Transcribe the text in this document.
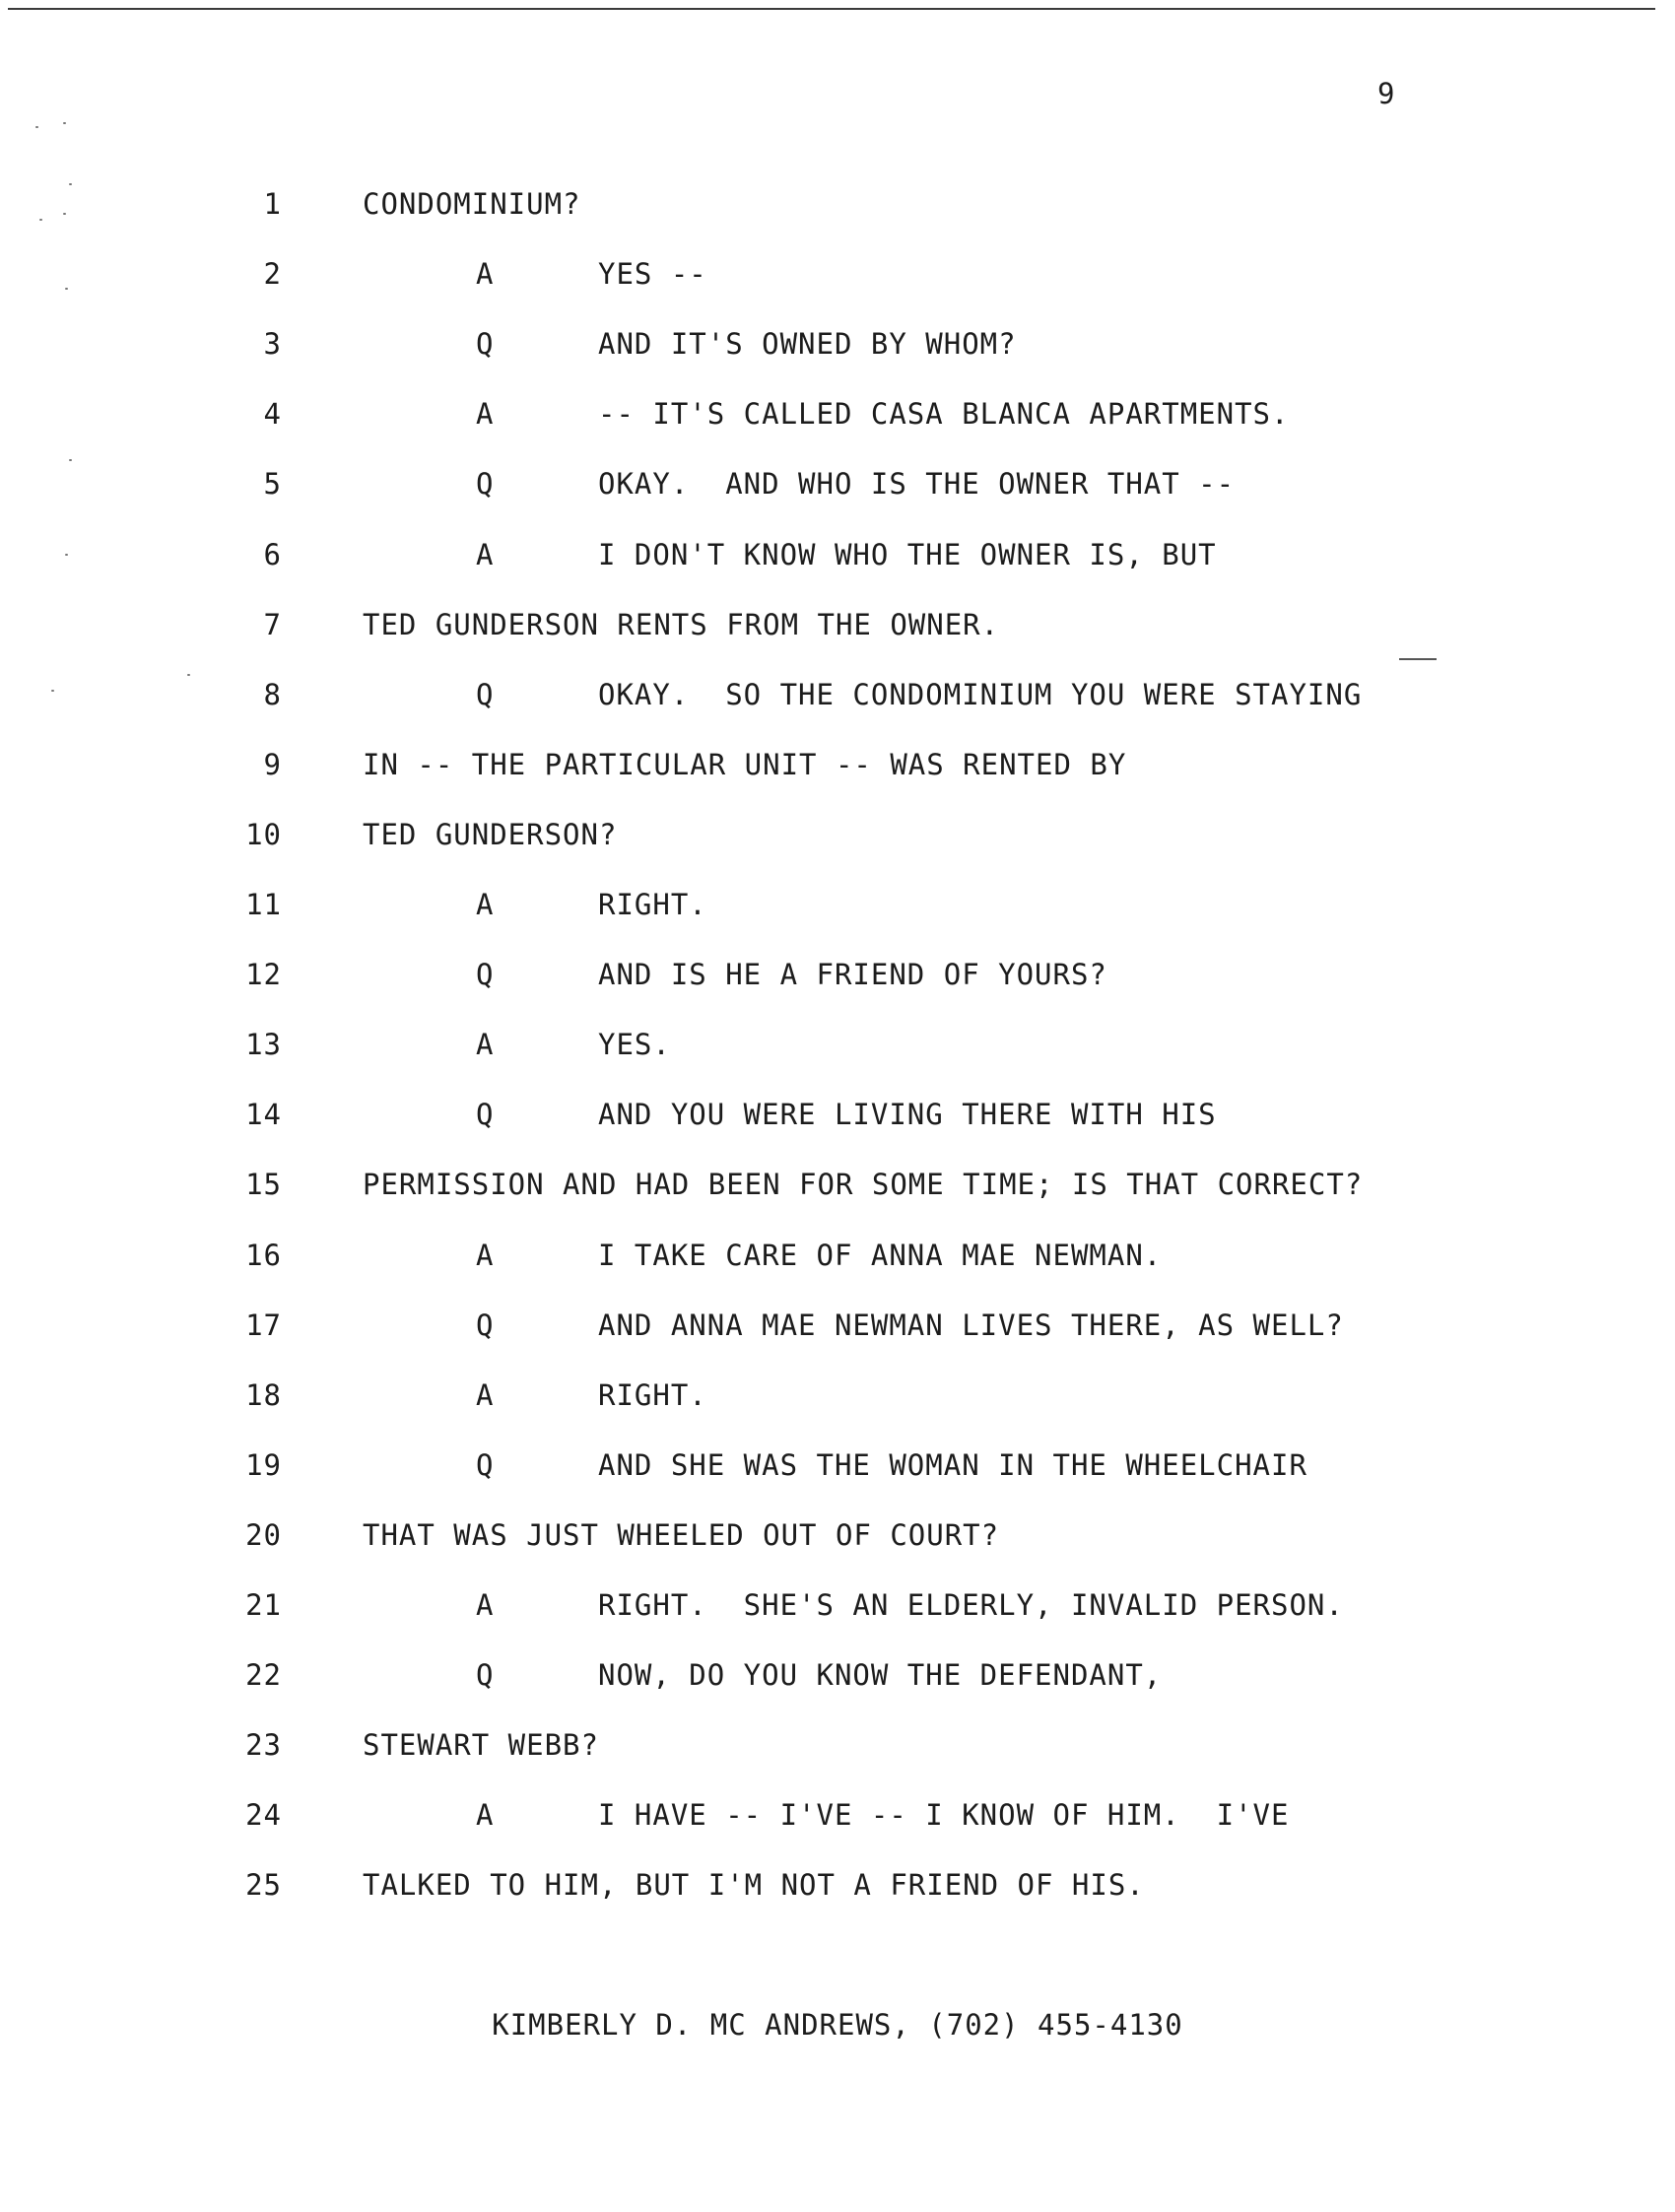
9
1	CONDOMINIUM?
2	A	YES --
3	Q	AND IT'S OWNED BY WHOM?
4	A	-- IT'S CALLED CASA BLANCA APARTMENTS.
5	Q	OKAY.  AND WHO IS THE OWNER THAT --
6	A	I DON'T KNOW WHO THE OWNER IS, BUT
7	TED GUNDERSON RENTS FROM THE OWNER.
8	Q	OKAY.  SO THE CONDOMINIUM YOU WERE STAYING
9	IN -- THE PARTICULAR UNIT -- WAS RENTED BY
10	TED GUNDERSON?
11	A	RIGHT.
12	Q	AND IS HE A FRIEND OF YOURS?
13	A	YES.
14	Q	AND YOU WERE LIVING THERE WITH HIS
15	PERMISSION AND HAD BEEN FOR SOME TIME; IS THAT CORRECT?
16	A	I TAKE CARE OF ANNA MAE NEWMAN.
17	Q	AND ANNA MAE NEWMAN LIVES THERE, AS WELL?
18	A	RIGHT.
19	Q	AND SHE WAS THE WOMAN IN THE WHEELCHAIR
20	THAT WAS JUST WHEELED OUT OF COURT?
21	A	RIGHT.  SHE'S AN ELDERLY, INVALID PERSON.
22	Q	NOW, DO YOU KNOW THE DEFENDANT,
23	STEWART WEBB?
24	A	I HAVE -- I'VE -- I KNOW OF HIM.  I'VE
25	TALKED TO HIM, BUT I'M NOT A FRIEND OF HIS.
KIMBERLY D. MC ANDREWS, (702) 455-4130
